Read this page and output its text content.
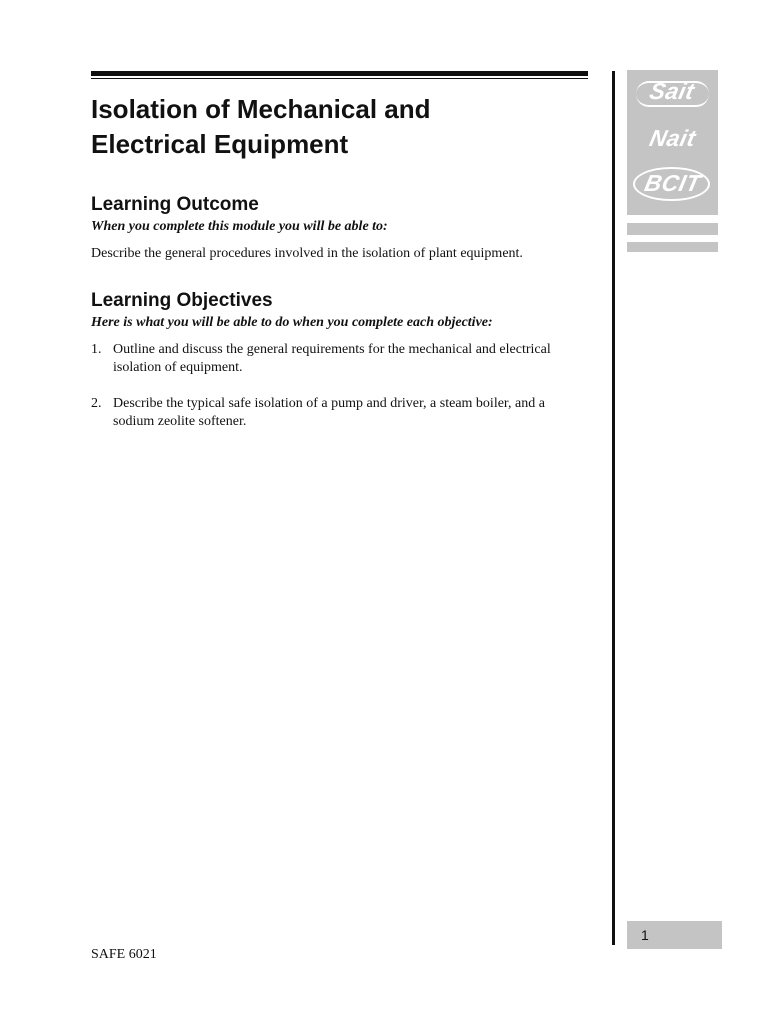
Isolation of Mechanical and
Electrical Equipment
Learning Outcome

When you complete this module you will be able to:

Describe the general procedures involved in the isolation of plant equipment.

Learning Objectives

Here is what you will be able to do when you complete each objective:

1. Outline and discuss the general requirements for the mechanical and electrical isolation of equipment.
2. Describe the typical safe isolation of a pump and driver, a steam boiler, and a sodium zeolite softener.
Sait
Nait
BCIT
1
SAFE 6021
